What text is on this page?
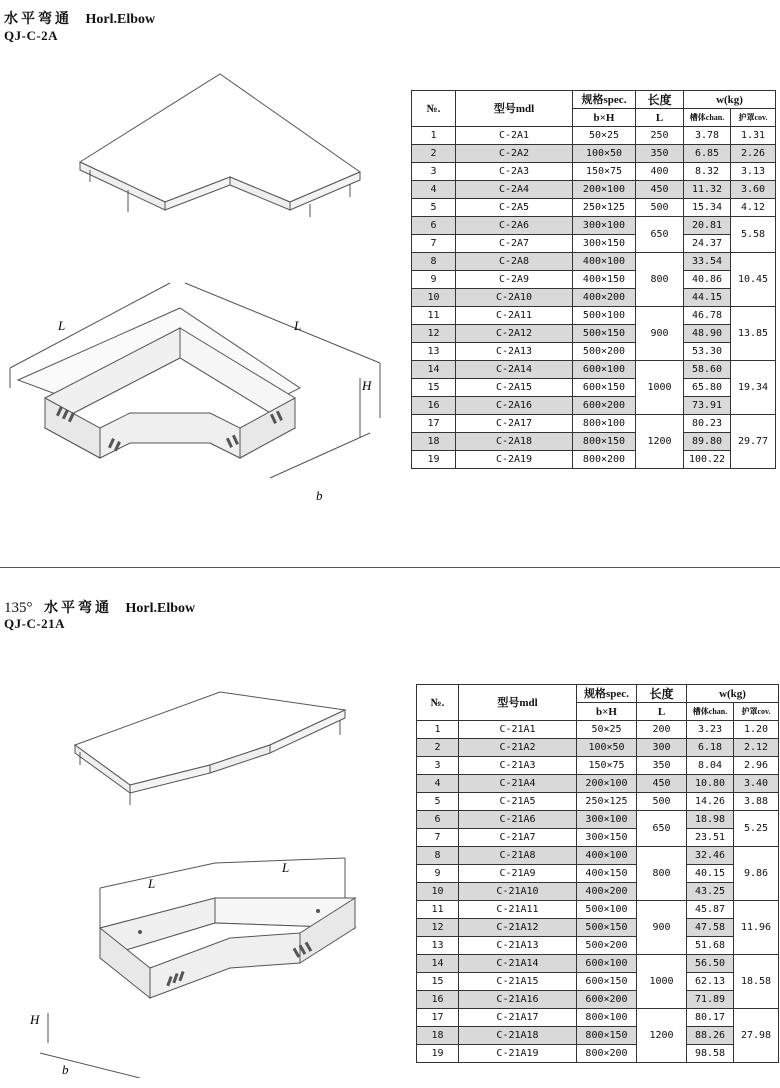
水平弯通 Horl.Elbow
QJ-C-2A
L	L
H
b
№.	型号mdl	规格spec.	长度	w(kg)	
		b×H	L	槽体chan.	护罩cov.
1	C-2A1	50×25	250	3.78	1.31
2	C-2A2	100×50	350	6.85	2.26
3	C-2A3	150×75	400	8.32	3.13
4	C-2A4	200×100	450	11.32	3.60
5	C-2A5	250×125	500	15.34	4.12
6	C-2A6	300×100	650	20.81	5.58
7	C-2A7	300×150		24.37	
8	C-2A8	400×100	800	33.54	10.45
9	C-2A9	400×150		40.86	
10	C-2A10	400×200		44.15	
11	C-2A11	500×100	900	46.78	13.85
12	C-2A12	500×150		48.90	
13	C-2A13	500×200		53.30	
14	C-2A14	600×100	1000	58.60	19.34
15	C-2A15	600×150		65.80	
16	C-2A16	600×200		73.91	
17	C-2A17	800×100	1200	80.23	29.77
18	C-2A18	800×150		89.80	
19	C-2A19	800×200		100.22	
135° 水平弯通 Horl.Elbow
QJ-C-21A
L
L
H
b
№.	型号mdl	规格spec.	长度	w(kg)	
		b×H	L	槽体chan.	护罩cov.
1	C-21A1	50×25	200	3.23	1.20
2	C-21A2	100×50	300	6.18	2.12
3	C-21A3	150×75	350	8.04	2.96
4	C-21A4	200×100	450	10.80	3.40
5	C-21A5	250×125	500	14.26	3.88
6	C-21A6	300×100	650	18.98	5.25
7	C-21A7	300×150		23.51	
8	C-21A8	400×100	800	32.46	9.86
9	C-21A9	400×150		40.15	
10	C-21A10	400×200		43.25	
11	C-21A11	500×100	900	45.87	11.96
12	C-21A12	500×150		47.58	
13	C-21A13	500×200		51.68	
14	C-21A14	600×100	1000	56.50	18.58
15	C-21A15	600×150		62.13	
16	C-21A16	600×200		71.89	
17	C-21A17	800×100	1200	80.17	27.98
18	C-21A18	800×150		88.26	
19	C-21A19	800×200		98.58	
